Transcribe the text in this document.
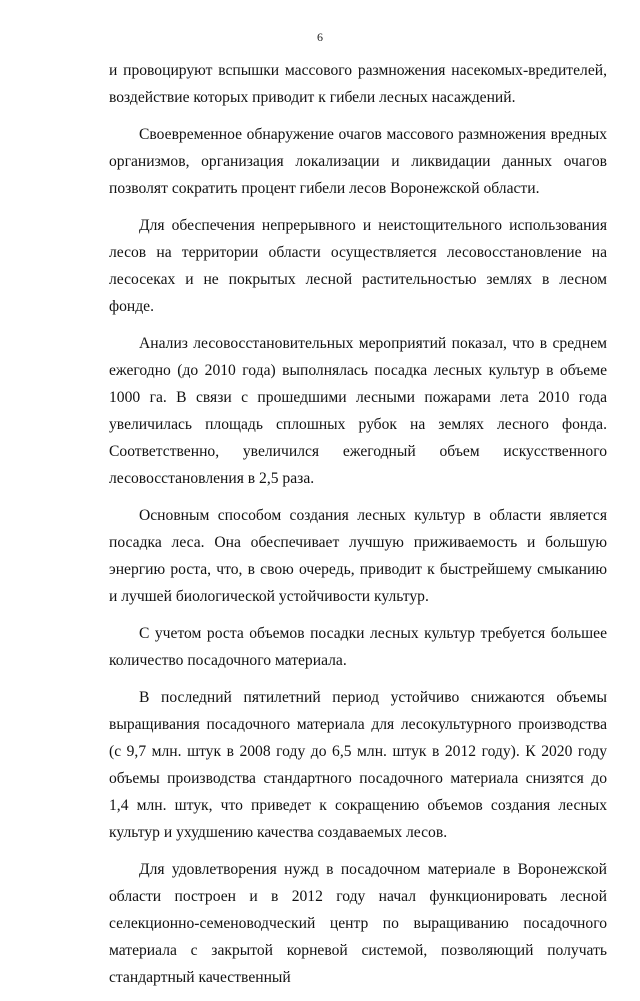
6

и провоцируют вспышки массового размножения насекомых-вредителей, воздействие которых приводит к гибели лесных насаждений.

Своевременное обнаружение очагов массового размножения вредных организмов, организация локализации и ликвидации данных очагов позволят сократить процент гибели лесов Воронежской области.

Для обеспечения непрерывного и неистощительного использования лесов на территории области осуществляется лесовосстановление на лесосеках и не покрытых лесной растительностью землях в лесном фонде.

Анализ лесовосстановительных мероприятий показал, что в среднем ежегодно (до 2010 года) выполнялась посадка лесных культур в объеме 1000 га. В связи с прошедшими лесными пожарами лета 2010 года увеличилась площадь сплошных рубок на землях лесного фонда. Соответственно, увеличился ежегодный объем искусственного лесовосстановления в 2,5 раза.

Основным способом создания лесных культур в области является посадка леса. Она обеспечивает лучшую приживаемость и большую энергию роста, что, в свою очередь, приводит к быстрейшему смыканию и лучшей биологической устойчивости культур.

С учетом роста объемов посадки лесных культур требуется большее количество посадочного материала.

В последний пятилетний период устойчиво снижаются объемы выращивания посадочного материала для лесокультурного производства (с 9,7 млн. штук в 2008 году до 6,5 млн. штук в 2012 году). К 2020 году объемы производства стандартного посадочного материала снизятся до 1,4 млн. штук, что приведет к сокращению объемов создания лесных культур и ухудшению качества создаваемых лесов.

Для удовлетворения нужд в посадочном материале в Воронежской области построен и в 2012 году начал функционировать лесной селекционно-семеноводческий центр по выращиванию посадочного материала с закрытой корневой системой, позволяющий получать стандартный качественный
